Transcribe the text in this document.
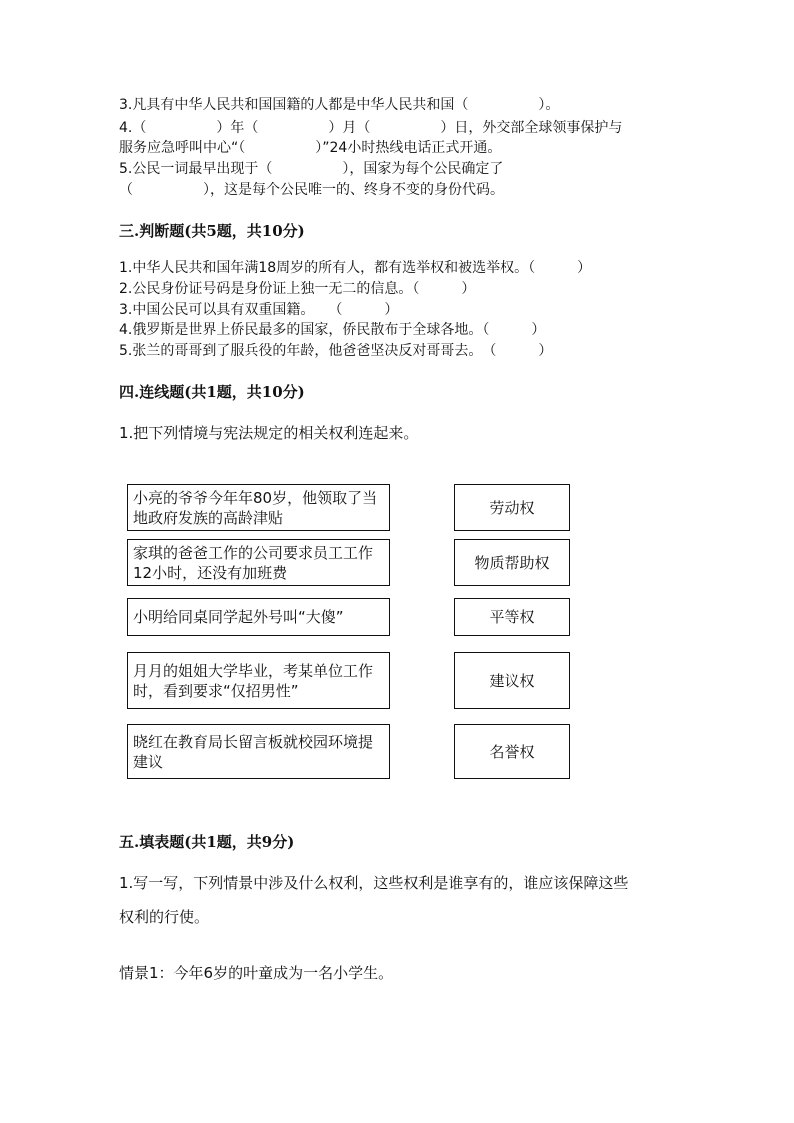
3.凡具有中华人民共和国国籍的人都是中华人民共和国（　　　　　）。
4.（　　　　　）年（　　　　　）月（　　　　　）日，外交部全球领事保护与
服务应急呼叫中心“（　　　　　）”24小时热线电话正式开通。
5.公民一词最早出现于（　　　　　），国家为每个公民确定了
（　　　　　），这是每个公民唯一的、终身不变的身份代码。
三.判断题(共5题，共10分)
1.中华人民共和国年满18周岁的所有人，都有选举权和被选举权。（　　　）
2.公民身份证号码是身份证上独一无二的信息。（　　　）
3.中国公民可以具有双重国籍。　　（　　　）
4.俄罗斯是世界上侨民最多的国家，侨民散布于全球各地。（　　　）
5.张兰的哥哥到了服兵役的年龄，他爸爸坚决反对哥哥去。　（　　　）
四.连线题(共1题，共10分)
1.把下列情境与宪法规定的相关权利连起来。
小亮的爷爷今年年80岁，他领取了当地政府发族的高龄津贴
家琪的爸爸工作的公司要求员工工作12小时，还没有加班费
小明给同桌同学起外号叫“大傻”
月月的姐姐大学毕业，考某单位工作时，看到要求“仅招男性”
晓红在教育局长留言板就校园环境提建议
劳动权
物质帮助权
平等权
建议权
名誉权
五.填表题(共1题，共9分)
1.写一写，下列情景中涉及什么权利，这些权利是谁享有的，谁应该保障这些
权利的行使。
情景1：今年6岁的叶童成为一名小学生。
